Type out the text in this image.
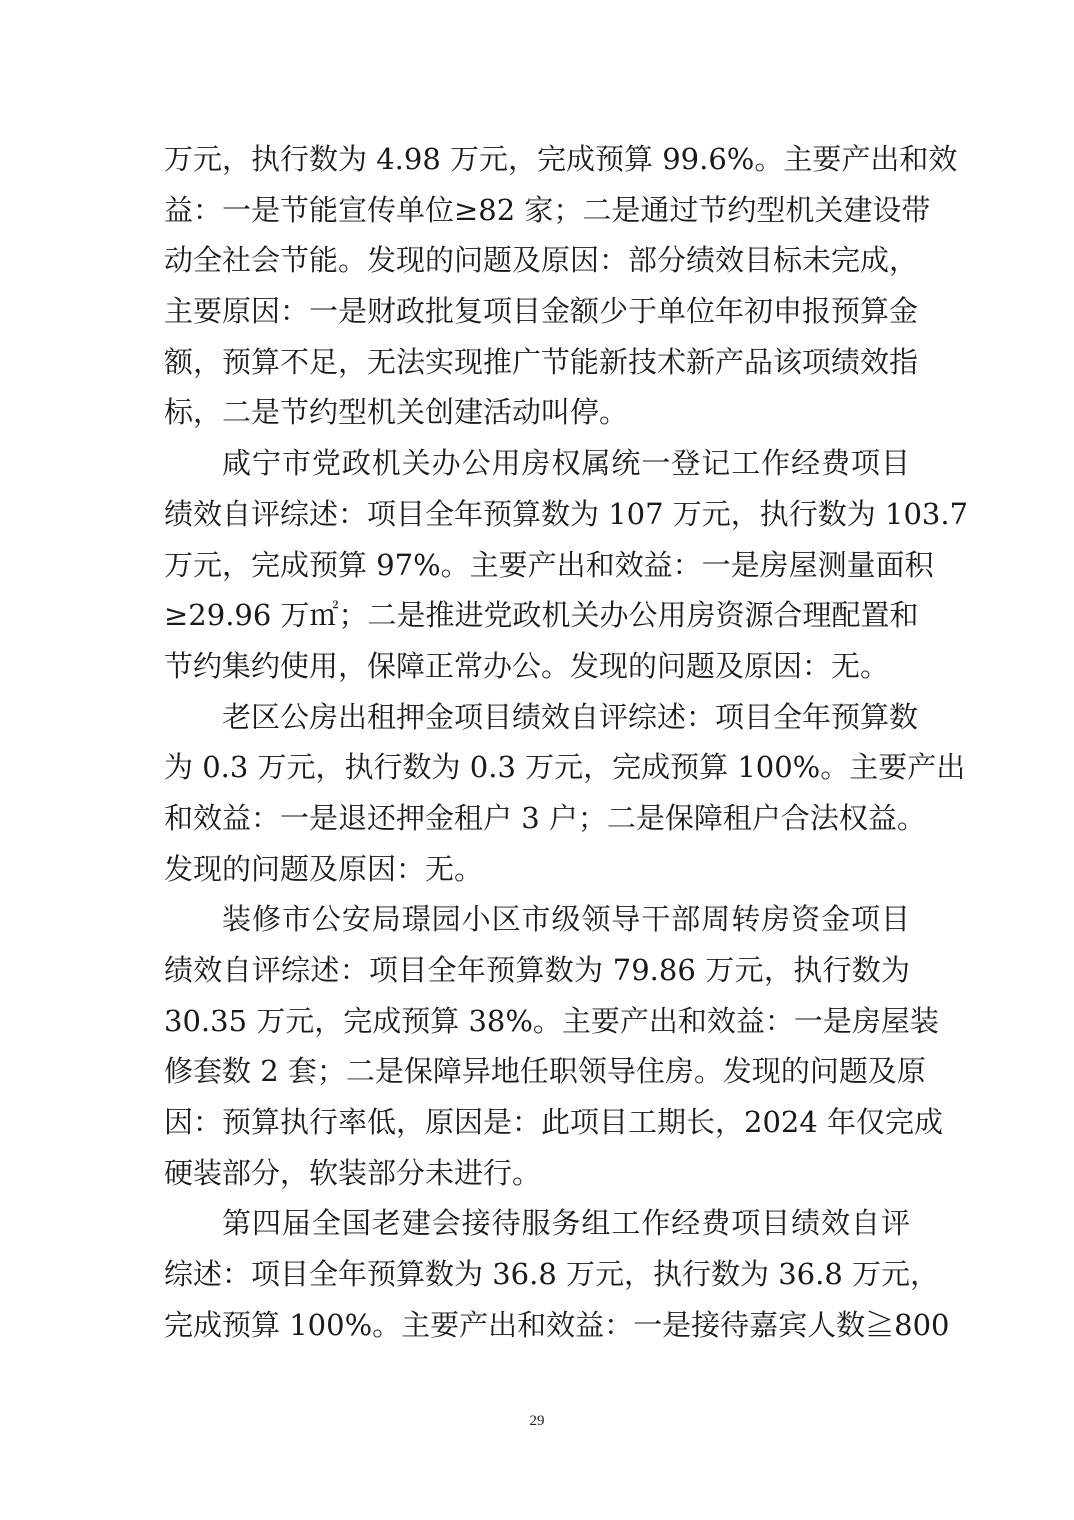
万元，执行数为 4.98 万元，完成预算 99.6%。主要产出和效
益：一是节能宣传单位≥82 家；二是通过节约型机关建设带
动全社会节能。发现的问题及原因：部分绩效目标未完成，
主要原因：一是财政批复项目金额少于单位年初申报预算金
额，预算不足，无法实现推广节能新技术新产品该项绩效指
标，二是节约型机关创建活动叫停。
咸宁市党政机关办公用房权属统一登记工作经费项目
绩效自评综述：项目全年预算数为 107 万元，执行数为 103.7
万元，完成预算 97%。主要产出和效益：一是房屋测量面积
≥29.96 万㎡；二是推进党政机关办公用房资源合理配置和
节约集约使用，保障正常办公。发现的问题及原因：无。
老区公房出租押金项目绩效自评综述：项目全年预算数
为 0.3 万元，执行数为 0.3 万元，完成预算 100%。主要产出
和效益：一是退还押金租户 3 户；二是保障租户合法权益。
发现的问题及原因：无。
装修市公安局璟园小区市级领导干部周转房资金项目
绩效自评综述：项目全年预算数为 79.86 万元，执行数为
30.35 万元，完成预算 38%。主要产出和效益：一是房屋装
修套数 2 套；二是保障异地任职领导住房。发现的问题及原
因：预算执行率低，原因是：此项目工期长，2024 年仅完成
硬装部分，软装部分未进行。
第四届全国老建会接待服务组工作经费项目绩效自评
综述：项目全年预算数为 36.8 万元，执行数为 36.8 万元，
完成预算 100%。主要产出和效益：一是接待嘉宾人数≧800
29
